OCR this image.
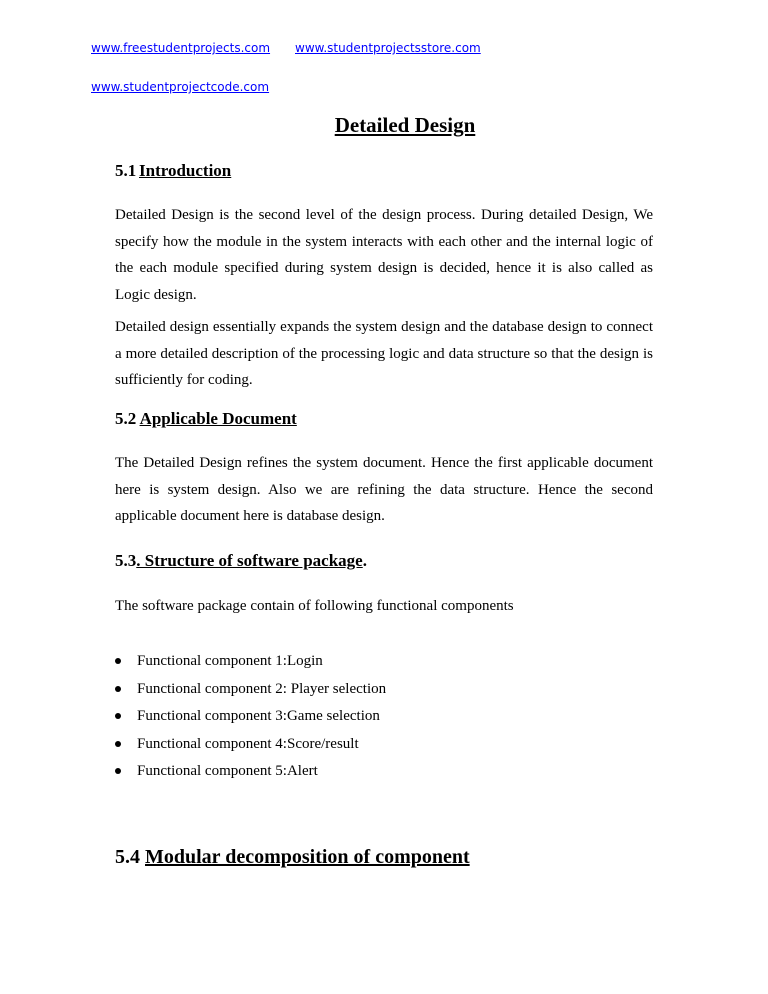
www.freestudentprojects.com www.studentprojectsstore.com
www.studentprojectcode.com
Detailed Design
5.1 Introduction

Detailed Design is the second level of the design process. During detailed Design, We specify how the module in the system interacts with each other and the internal logic of the each module specified during system design is decided, hence it is also called as Logic design.

Detailed design essentially expands the system design and the database design to connect a more detailed description of the processing logic and data structure so that the design is sufficiently for coding.

5.2 Applicable Document

The Detailed Design refines the system document. Hence the first applicable document here is system design. Also we are refining the data structure. Hence the second applicable document here is database design.

5.3. Structure of software package.

The software package contain of following functional components

Functional component 1:Login
Functional component 2: Player selection
Functional component 3:Game selection
Functional component 4:Score/result
Functional component 5:Alert
5.4 Modular decomposition of component
